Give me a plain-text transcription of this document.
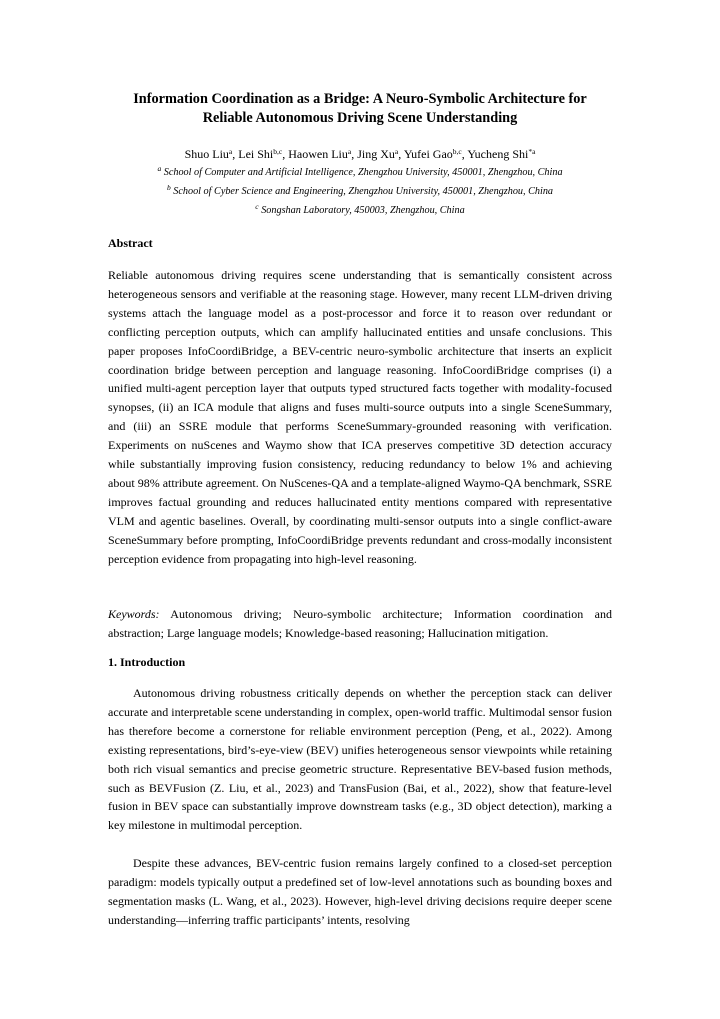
Information Coordination as a Bridge: A Neuro-Symbolic Architecture for
Reliable Autonomous Driving Scene Understanding
Shuo Liu$^a$, Lei Shi$^{b,c}$, Haowen Liu$^a$, Jing Xu$^a$, Yufei Gao$^{b,c}$, Yucheng Shi$^{*a}$
$^a$ School of Computer and Artificial Intelligence, Zhengzhou University, 450001, Zhengzhou, China
$^b$ School of Cyber Science and Engineering, Zhengzhou University, 450001, Zhengzhou, China
$^c$ Songshan Laboratory, 450003, Zhengzhou, China
Abstract

Reliable autonomous driving requires scene understanding that is semantically consistent across heterogeneous sensors and verifiable at the reasoning stage. However, many recent LLM-driven driving systems attach the language model as a post-processor and force it to reason over redundant or conflicting perception outputs, which can amplify hallucinated entities and unsafe conclusions. This paper proposes InfoCoordiBridge, a BEV-centric neuro-symbolic architecture that inserts an explicit coordination bridge between perception and language reasoning. InfoCoordiBridge comprises (i) a unified multi-agent perception layer that outputs typed structured facts together with modality-focused synopses, (ii) an ICA module that aligns and fuses multi-source outputs into a single SceneSummary, and (iii) an SSRE module that performs SceneSummary-grounded reasoning with verification. Experiments on nuScenes and Waymo show that ICA preserves competitive 3D detection accuracy while substantially improving fusion consistency, reducing redundancy to below 1% and achieving about 98% attribute agreement. On NuScenes-QA and a template-aligned Waymo-QA benchmark, SSRE improves factual grounding and reduces hallucinated entity mentions compared with representative VLM and agentic baselines. Overall, by coordinating multi-sensor outputs into a single conflict-aware SceneSummary before prompting, InfoCoordiBridge prevents redundant and cross-modally inconsistent perception evidence from propagating into high-level reasoning.

Keywords: Autonomous driving; Neuro-symbolic architecture; Information coordination and abstraction; Large language models; Knowledge-based reasoning; Hallucination mitigation.

1. Introduction

Autonomous driving robustness critically depends on whether the perception stack can deliver accurate and interpretable scene understanding in complex, open-world traffic. Multimodal sensor fusion has therefore become a cornerstone for reliable environment perception (Peng, et al., 2022). Among existing representations, bird’s-eye-view (BEV) unifies heterogeneous sensor viewpoints while retaining both rich visual semantics and precise geometric structure. Representative BEV-based fusion methods, such as BEVFusion (Z. Liu, et al., 2023) and TransFusion (Bai, et al., 2022), show that feature-level fusion in BEV space can substantially improve downstream tasks (e.g., 3D object detection), marking a key milestone in multimodal perception.

Despite these advances, BEV-centric fusion remains largely confined to a closed-set perception paradigm: models typically output a predefined set of low-level annotations such as bounding boxes and segmentation masks (L. Wang, et al., 2023). However, high-level driving decisions require deeper scene understanding—inferring traffic participants’ intents, resolving
